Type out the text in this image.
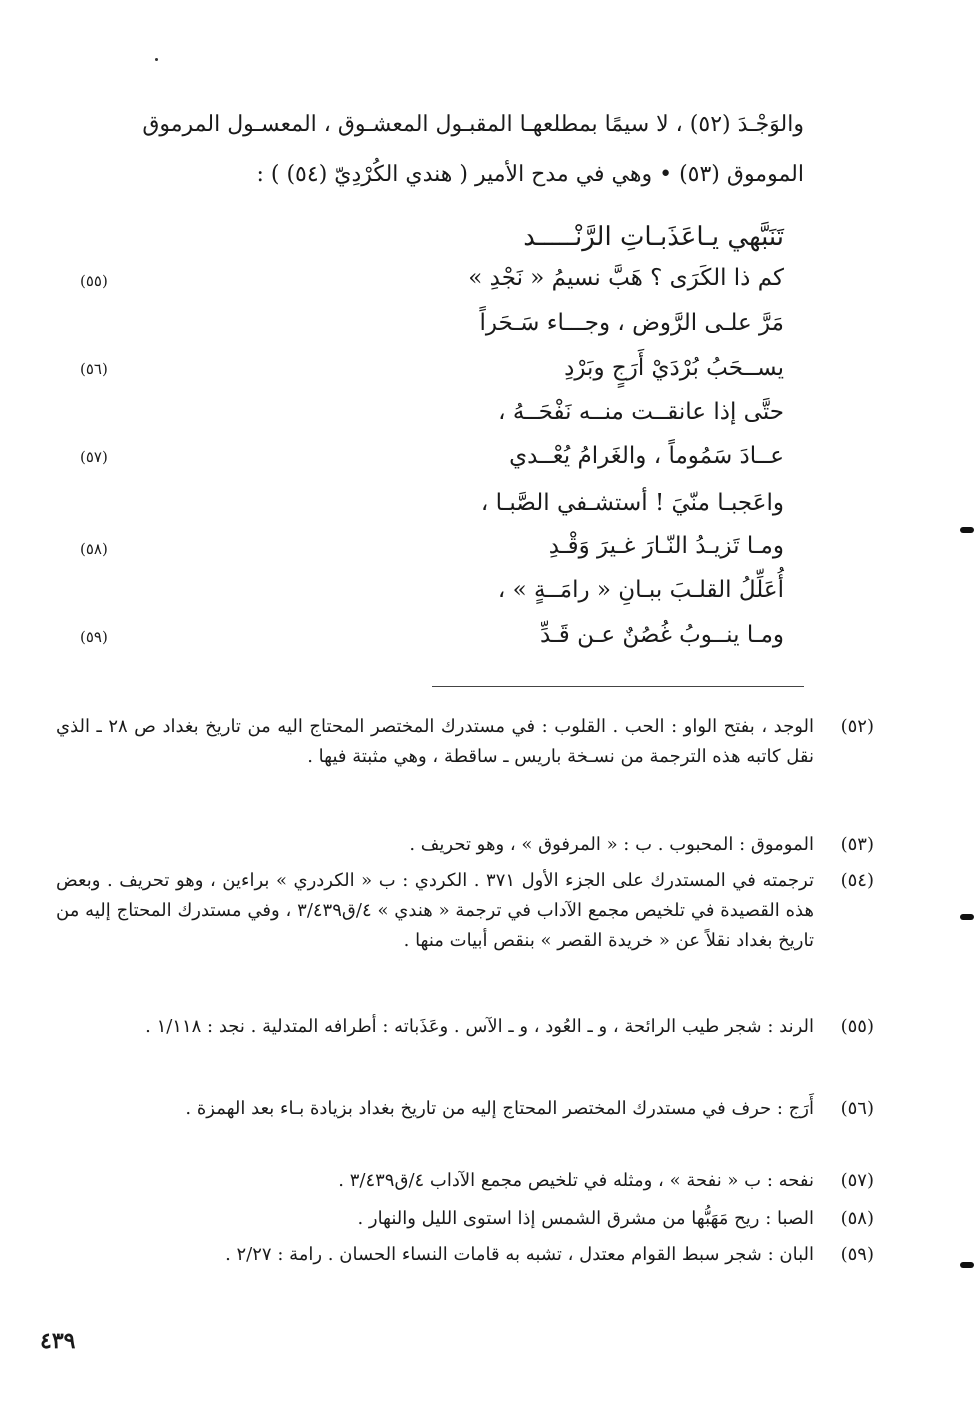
والوَجْـدَ (٥٢) ، لا سيمًا بمطلعهـا المقبـول المعشـوق ، المعسـول المرموق
الموموق (٥٣) • وهي في مدح الأمير ( هندي الكُرْدِيّ (٥٤) ) :
تَنَبَّهي يـاعَذَبـاتِ الرَّنْـــــد
كم ذا الكَرَى ؟ هَبَّ نسيمُ « نَجْدِ »
(٥٥)
مَرَّ علـى الرَّوض ، وجـــاء سَـحَراً
يســحَبُ بُرْدَيْ أَرَجٍ وبَرْدِ
(٥٦)
حتَّى إذا عانقــت منــه نَفْحَــهُ ،
عــادَ سَمُوماً ، والغَرامُ يُعْــدي
(٥٧)
واعَجبـا منّيَ ! أستشـفي الصَّبـا ،
ومـا تَزيـدُ النّـارَ غـيرَ وَقْـدِ
(٥٨)
أُعَلِّلُ القلـبَ ببـانِ « رامَــةٍ » ،
ومـا ينــوبُ غُصُنٌ عـن قَـدِّ
(٥٩)
(٥٢)
الوجد ، بفتح الواو : الحب . القلوب : في مستدرك المختصر المحتاج اليه من تاريخ بغداد ص ٢٨ ـ الذي نقل كاتبه هذه الترجمة من نسـخة باريس ـ ساقطة ، وهي مثبتة فيها .
(٥٣)
الموموق : المحبوب . ب : « المرفوق » ، وهو تحريف .
(٥٤)
ترجمته في المستدرك على الجزء الأول ٣٧١ . الكردي : ب « الكردري » براءين ، وهو تحريف . وبعض هذه القصيدة في تلخيص مجمع الآداب في ترجمة « هندي » ٤/ق٣/٤٣٩ ، وفي مستدرك المحتاج إليه من تاريخ بغداد نقلاً عن « خريدة القصر » بنقص أبيات منها .
(٥٥)
الرند : شجر طيب الرائحة ، و ـ العُود ، و ـ الآس . وعَذَباته : أطرافه المتدلية . نجد : ١/١١٨ .
(٥٦)
أَرَج : حرف في مستدرك المختصر المحتاج إليه من تاريخ بغداد بزيادة بـاء بعد الهمزة .
(٥٧)
نفحه : ب « نفحة » ، ومثله في تلخيص مجمع الآداب ٤/ق٣/٤٣٩ .
(٥٨)
الصبا : ريح مَهَبُّها من مشرق الشمس إذا استوى الليل والنهار .
(٥٩)
البان : شجر سبط القوام معتدل ، تشبه به قامات النساء الحسان . رامة : ٢/٢٧ .
٤٣٩
